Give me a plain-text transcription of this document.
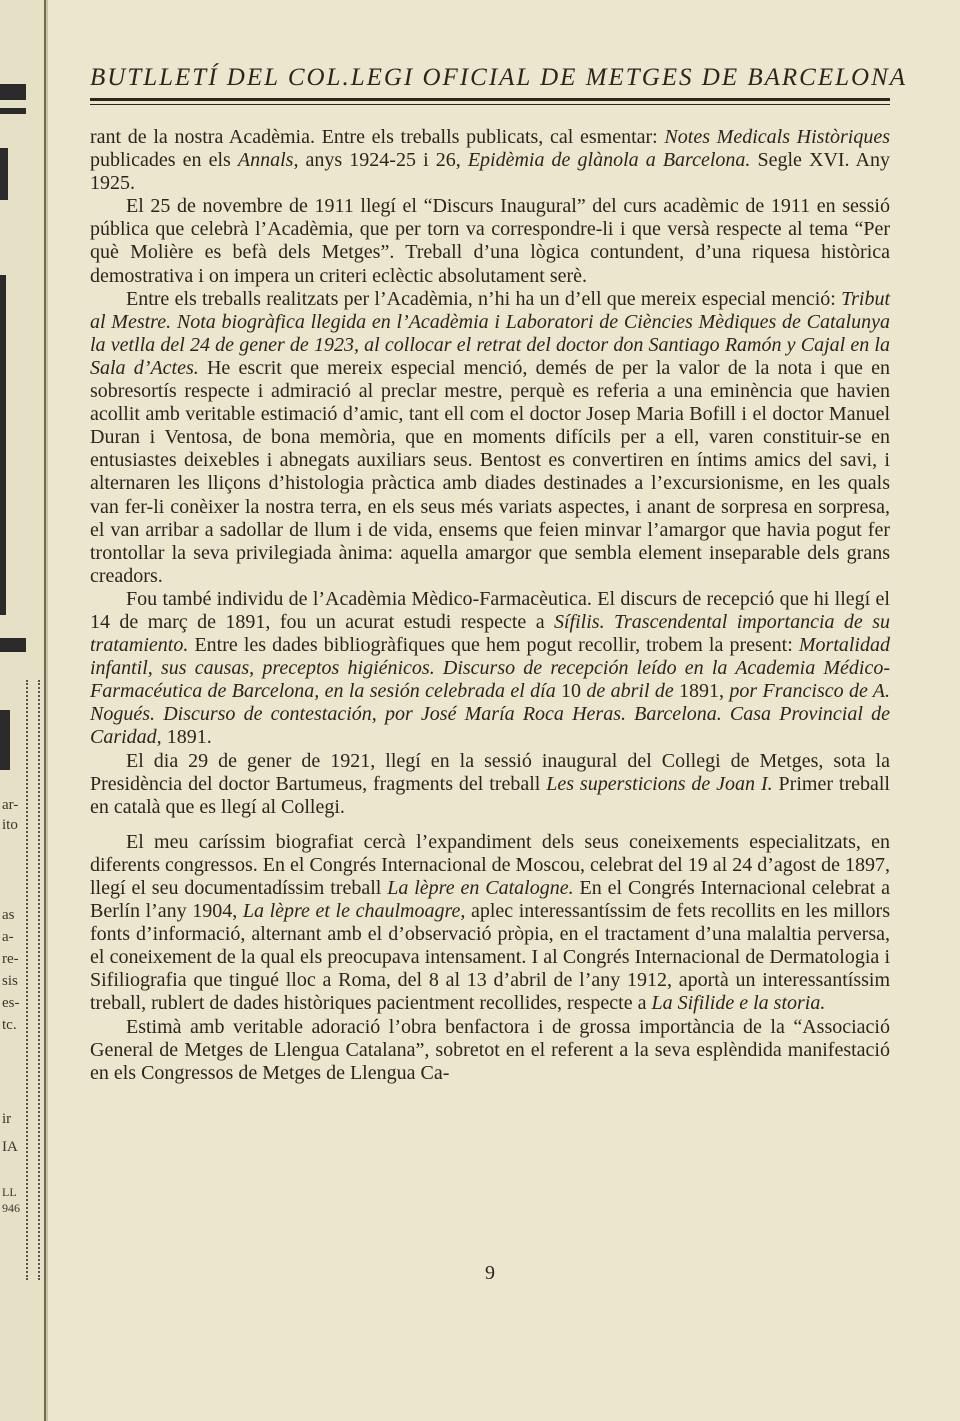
ar-
ito
as
a-
re-
sis
es-
tc.
ir
IA
LL
946
BUTLLETÍ DEL COL.LEGI OFICIAL DE METGES DE BARCELONA

rant de la nostra Acadèmia. Entre els treballs publicats, cal esmentar: Notes Medicals Històriques publicades en els Annals, anys 1924-25 i 26, Epidèmia de glànola a Barcelona. Segle XVI. Any 1925.

El 25 de novembre de 1911 llegí el “Discurs Inaugural” del curs acadèmic de 1911 en sessió pública que celebrà l’Acadèmia, que per torn va correspondre-li i que versà respecte al tema “Per què Molière es befà dels Metges”. Treball d’una lògica contundent, d’una riquesa històrica demostrativa i on impera un criteri eclèctic absolutament serè.

Entre els treballs realitzats per l’Acadèmia, n’hi ha un d’ell que mereix especial menció: Tribut al Mestre. Nota biogràfica llegida en l’Acadèmia i Laboratori de Ciències Mèdiques de Catalunya la vetlla del 24 de gener de 1923, al collocar el retrat del doctor don Santiago Ramón y Cajal en la Sala d’Actes. He escrit que mereix especial menció, demés de per la valor de la nota i que en sobresortís respecte i admiració al preclar mestre, perquè es referia a una eminència que havien acollit amb veritable estimació d’amic, tant ell com el doctor Josep Maria Bofill i el doctor Manuel Duran i Ventosa, de bona memòria, que en moments difícils per a ell, varen constituir-se en entusiastes deixebles i abnegats auxiliars seus. Bentost es convertiren en íntims amics del savi, i alternaren les lliçons d’histologia pràctica amb diades destinades a l’excursionisme, en les quals van fer-li conèixer la nostra terra, en els seus més variats aspectes, i anant de sorpresa en sorpresa, el van arribar a sadollar de llum i de vida, ensems que feien minvar l’amargor que havia pogut fer trontollar la seva privilegiada ànima: aquella amargor que sembla element inseparable dels grans creadors.

Fou també individu de l’Acadèmia Mèdico-Farmacèutica. El discurs de recepció que hi llegí el 14 de març de 1891, fou un acurat estudi respecte a Sífilis. Trascendental importancia de su tratamiento. Entre les dades bibliogràfiques que hem pogut recollir, trobem la present: Mortalidad infantil, sus causas, preceptos higiénicos. Discurso de recepción leído en la Academia Médico-Farmacéutica de Barcelona, en la sesión celebrada el día 10 de abril de 1891, por Francisco de A. Nogués. Discurso de contestación, por José María Roca Heras. Barcelona. Casa Provincial de Caridad, 1891.

El dia 29 de gener de 1921, llegí en la sessió inaugural del Collegi de Metges, sota la Presidència del doctor Bartumeus, fragments del treball Les supersticions de Joan I. Primer treball en català que es llegí al Collegi.

El meu caríssim biografiat cercà l’expandiment dels seus coneixements especialitzats, en diferents congressos. En el Congrés Internacional de Moscou, celebrat del 19 al 24 d’agost de 1897, llegí el seu documentadíssim treball La lèpre en Catalogne. En el Congrés Internacional celebrat a Berlín l’any 1904, La lèpre et le chaulmoagre, aplec interessantíssim de fets recollits en les millors fonts d’informació, alternant amb el d’observació pròpia, en el tractament d’una malaltia perversa, el coneixement de la qual els preocupava intensament. I al Congrés Internacional de Dermatologia i Sifiliografia que tingué lloc a Roma, del 8 al 13 d’abril de l’any 1912, aportà un interessantíssim treball, rublert de dades històriques pacientment recollides, respecte a La Sifilide e la storia.

Estimà amb veritable adoració l’obra benfactora i de grossa importància de la “Associació General de Metges de Llengua Catalana”, sobretot en el referent a la seva esplèndida manifestació en els Congressos de Metges de Llengua Ca-

9
